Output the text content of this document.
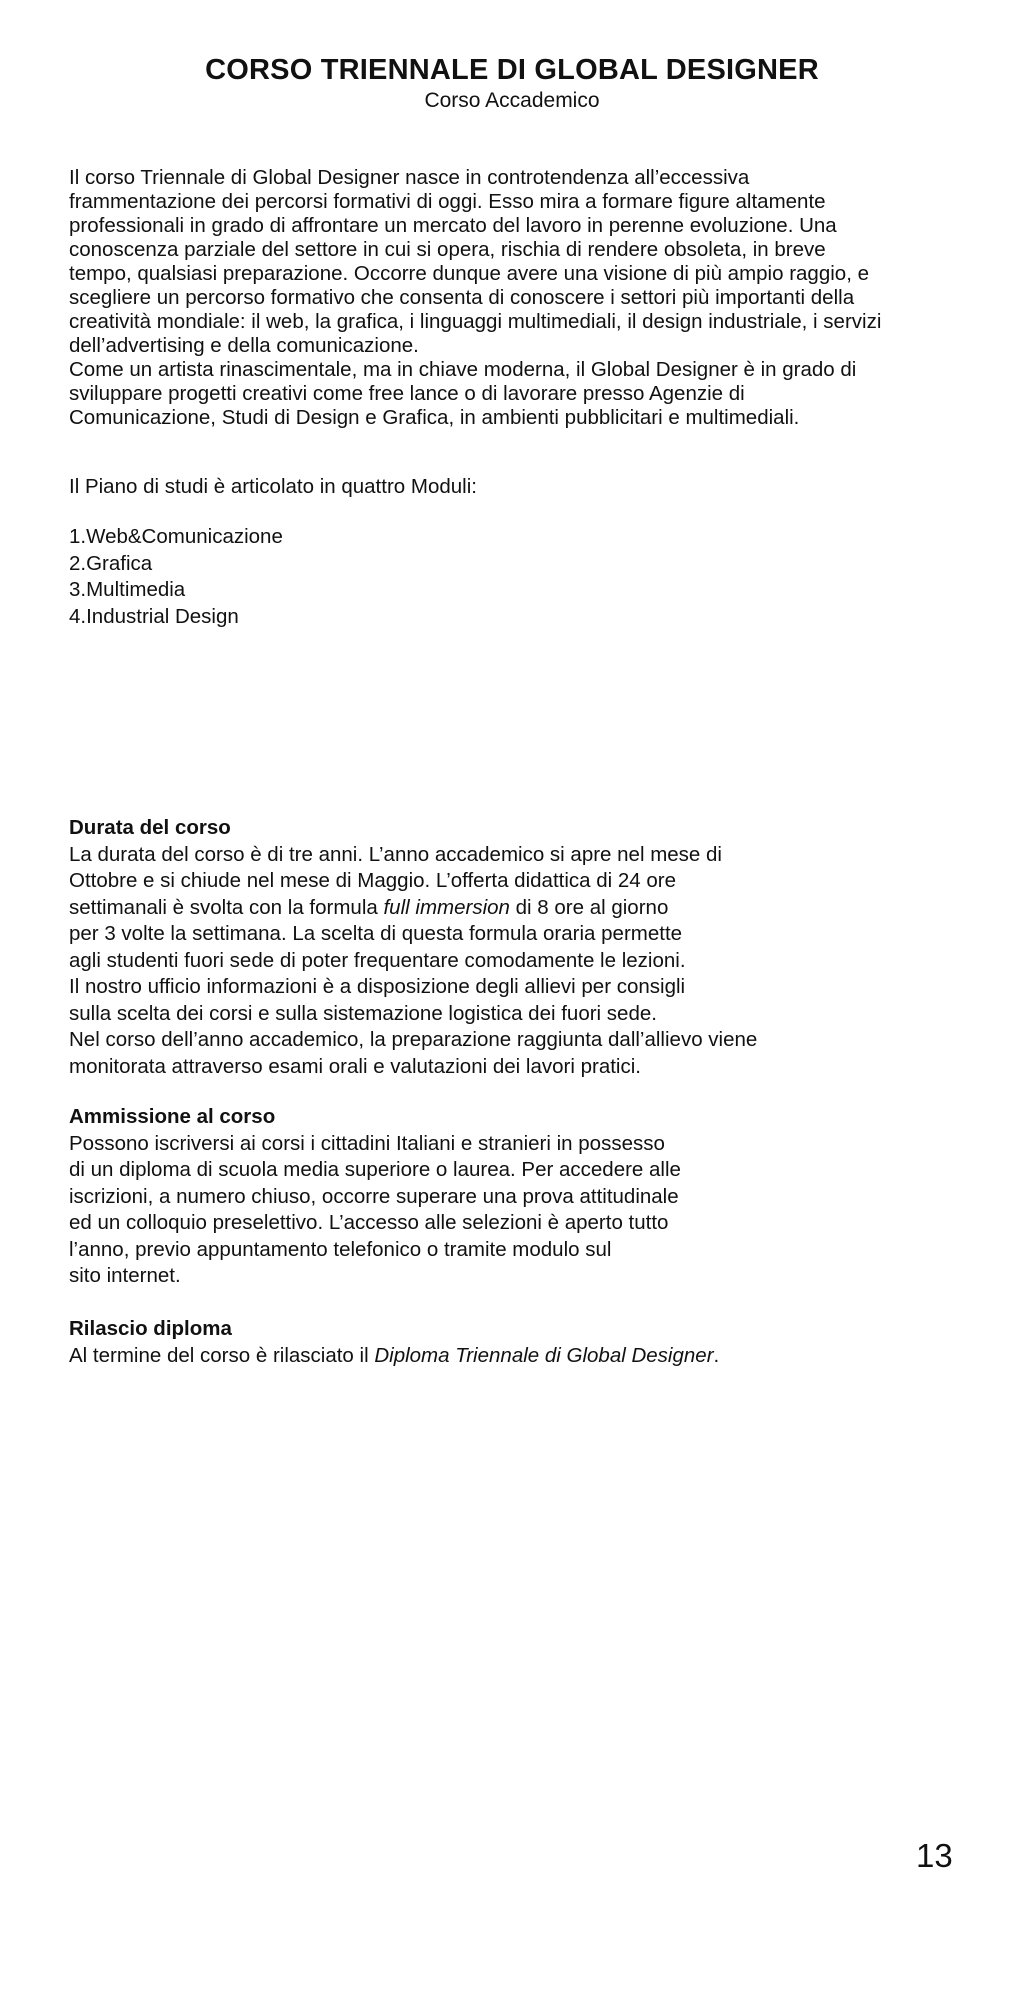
CORSO TRIENNALE DI GLOBAL DESIGNER

Corso Accademico

Il corso Triennale di Global Designer nasce in controtendenza all’eccessiva
frammentazione dei percorsi formativi di oggi. Esso mira a formare figure altamente
professionali in grado di affrontare un mercato del lavoro in perenne evoluzione. Una
conoscenza parziale del settore in cui si opera, rischia di rendere obsoleta, in breve
tempo, qualsiasi preparazione. Occorre dunque avere una visione di più ampio raggio, e
scegliere un percorso formativo che consenta di conoscere i settori più importanti della
creatività mondiale: il web, la grafica, i linguaggi multimediali, il design industriale, i servizi
dell’advertising e della comunicazione.
Come un artista rinascimentale, ma in chiave moderna, il Global Designer è in grado di
sviluppare progetti creativi come free lance o di lavorare presso Agenzie di
Comunicazione, Studi di Design e Grafica, in ambienti pubblicitari e multimediali.
Il Piano di studi è articolato in quattro Moduli:
1.Web&Comunicazione
2.Grafica
3.Multimedia
4.Industrial Design
Durata del corso
La durata del corso è di tre anni. L’anno accademico si apre nel mese di
Ottobre e si chiude nel mese di Maggio. L’offerta didattica di 24 ore
settimanali è svolta con la formula full immersion di 8 ore al giorno
per 3 volte la settimana. La scelta di questa formula oraria permette
agli studenti fuori sede di poter frequentare comodamente le lezioni.
Il nostro ufficio informazioni è a disposizione degli allievi per consigli
sulla scelta dei corsi e sulla sistemazione logistica dei fuori sede.
Nel corso dell’anno accademico, la preparazione raggiunta dall’allievo viene
monitorata attraverso esami orali e valutazioni dei lavori pratici.
Ammissione al corso
Possono iscriversi ai corsi i cittadini Italiani e stranieri in possesso
di un diploma di scuola media superiore o laurea. Per accedere alle
iscrizioni, a numero chiuso, occorre superare una prova attitudinale
ed un colloquio preselettivo. L’accesso alle selezioni è aperto tutto
l’anno, previo appuntamento telefonico o tramite modulo sul
sito internet.
Rilascio diploma
Al termine del corso è rilasciato il Diploma Triennale di Global Designer.
13
